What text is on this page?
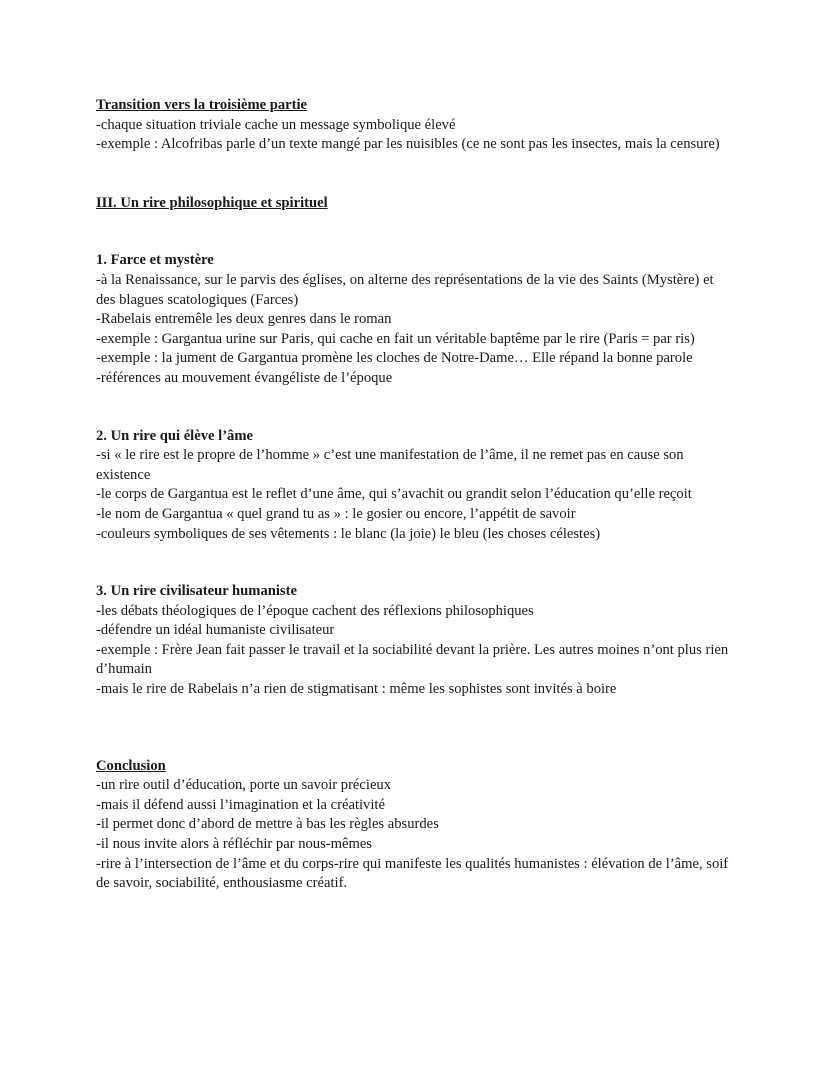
Transition vers la troisième partie
-chaque situation triviale cache un message symbolique élevé
-exemple : Alcofribas parle d’un texte mangé par les nuisibles (ce ne sont pas les insectes, mais la censure)
III. Un rire philosophique et spirituel
1. Farce et mystère
-à la Renaissance, sur le parvis des églises, on alterne des représentations de la vie des Saints (Mystère) et des blagues scatologiques (Farces)
-Rabelais entremêle les deux genres dans le roman
-exemple : Gargantua urine sur Paris, qui cache en fait un véritable baptême par le rire (Paris = par ris)
-exemple : la jument de Gargantua promène les cloches de Notre-Dame… Elle répand la bonne parole
-références au mouvement évangéliste de l’époque
2. Un rire qui élève l’âme
-si « le rire est le propre de l’homme » c’est une manifestation de l’âme, il ne remet pas en cause son existence
-le corps de Gargantua est le reflet d’une âme, qui s’avachit ou grandit selon l’éducation qu’elle reçoit
-le nom de Gargantua « quel grand tu as » : le gosier ou encore, l’appétit de savoir
-couleurs symboliques de ses vêtements : le blanc (la joie) le bleu (les choses célestes)
3. Un rire civilisateur humaniste
-les débats théologiques de l’époque cachent des réflexions philosophiques
-défendre un idéal humaniste civilisateur
-exemple : Frère Jean fait passer le travail et la sociabilité devant la prière. Les autres moines n’ont plus rien d’humain
-mais le rire de Rabelais n’a rien de stigmatisant : même les sophistes sont invités à boire
Conclusion
-un rire outil d’éducation, porte un savoir précieux
-mais il défend aussi l’imagination et la créativité
-il permet donc d’abord de mettre à bas les règles absurdes
-il nous invite alors à réfléchir par nous-mêmes
-rire à l’intersection de l’âme et du corps-rire qui manifeste les qualités humanistes : élévation de l’âme, soif de savoir, sociabilité, enthousiasme créatif.
